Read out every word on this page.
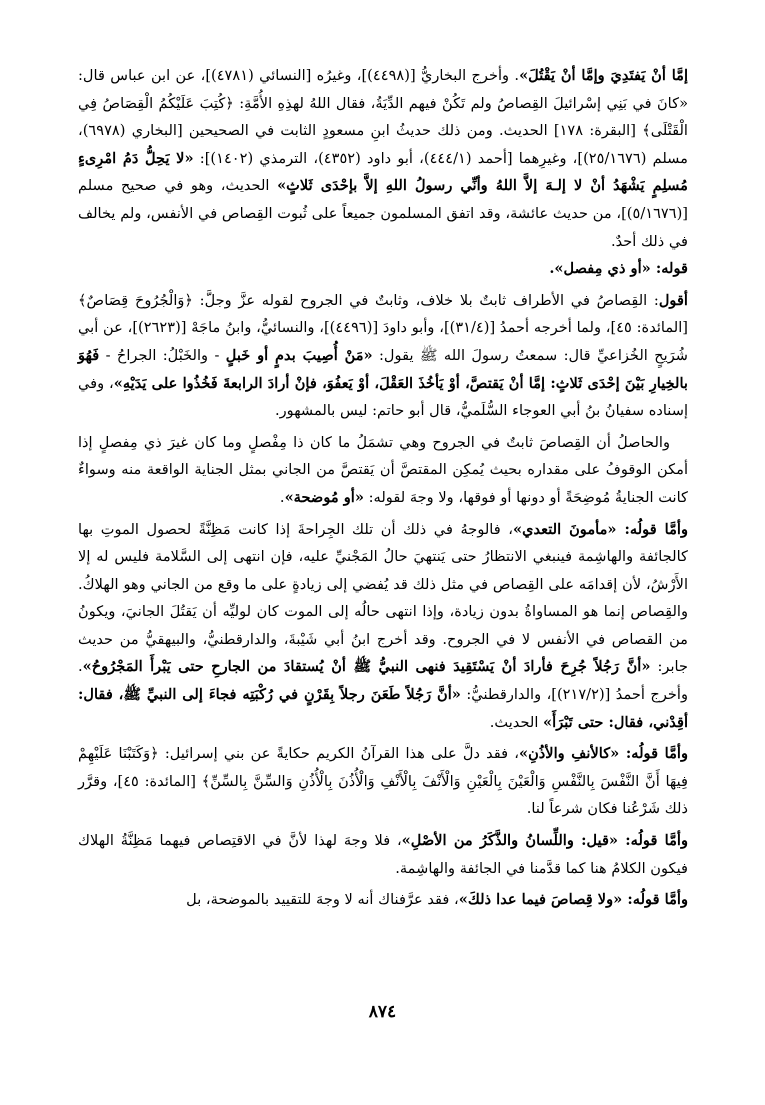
إمَّا أنْ يَفتَدِيَ وإمَّا أنْ يَقْتُلَ». وأخرج البخاريُّ [(٤٤٩٨)]، وغيرُه [النسائي (٤٧٨١)]، عن ابن عباس قال: «كانَ في بَنِي إسْرائيلَ القِصاصُ ولم تَكُنْ فيهم الدِّيَةُ، فقال اللهُ لهذِهِ الأُمَّةِ: ﴿كُتِبَ عَلَيْكُمُ الْقِصَاصُ فِي الْقَتْلَى﴾ [البقرة: ١٧٨] الحديث. ومن ذلك حديثُ ابنِ مسعودٍ الثابت في الصحيحين [البخاري (٦٩٧٨)، مسلم (٢٥/١٦٧٦)]، وغيرِهما [أحمد (٤٤٤/١)، أبو داود (٤٣٥٢)، الترمذي (١٤٠٢)]: «لا يَحِلُّ دَمُ امْرِىءٍ مُسلِمٍ يَشْهَدُ أنْ لا إلـهَ إلاَّ اللهُ وأنِّي رسولُ اللهِ إلاَّ بإحْدَى ثَلاثٍ» الحديث، وهو في صحيح مسلم [(٥/١٦٧٦)]، من حديث عائشة، وقد اتفق المسلمون جميعاً على ثُبوت القِصاص في الأنفس، ولم يخالف في ذلك أحدٌ.

قوله: «أو ذي مِفصل».

أقول: القِصاصُ في الأطراف ثابتٌ بلا خلاف، وثابتٌ في الجروح لقوله عزَّ وجلَّ: ﴿وَالْجُرُوحَ قِصَاصٌ﴾ [المائدة: ٤٥]، ولما أخرجه أحمدُ [(٣١/٤)]، وأبو داودَ [(٤٤٩٦)]، والنسائيُّ، وابنُ ماجَهْ [(٢٦٢٣)]، عن أبي شُرَيحٍ الخُزاعيِّ قال: سمعتُ رسولَ الله ﷺ يقول: «مَنْ أُصِيبَ بدمٍ أو خَبلٍ - والخَبْلُ: الجراحُ - فَهُوَ بالخِيارِ بَيْنَ إحْدَى ثَلاثٍ: إمَّا أنْ يَقتصَّ، أوْ يَأخُذَ العَقْلَ، أوْ يَعفُوَ، فإنْ أرادَ الرابعةَ فَخُذُوا على يَدَيْهِ»، وفي إسناده سفيانُ بنُ أبي العوجاء السُّلَميُّ، قال أبو حاتم: ليس بالمشهور.

والحاصلُ أن القِصاصَ ثابتٌ في الجروح وهي تشمَلُ ما كان ذا مِفْصلٍ وما كان غيرَ ذي مِفصلٍ إذا أمكن الوقوفُ على مقداره بحيث يُمكِن المقتصَّ أن يَقتصَّ من الجاني بمثل الجناية الواقعة منه وسواءٌ كانت الجنايةُ مُوضِحَةً أو دونها أو فوقها، ولا وجهَ لقوله: «أو مُوضحة».

وأمَّا قولُه: «مأمونَ التعدي»، فالوجهُ في ذلك أن تلك الجِراحةَ إذا كانت مَظِنَّةً لحصول الموتِ بها كالجائفة والهاشِمة فينبغي الانتظارُ حتى يَنتهيَ حالُ المَجْنيِّ عليه، فإن انتهى إلى السَّلامة فليس له إلا الأَرْشُ، لأن إقدامَه على القِصاص في مثل ذلك قد يُفضي إلى زيادةٍ على ما وقع من الجاني وهو الهلاكُ. والقِصاص إنما هو المساواةُ بدون زيادة، وإذا انتهى حالُه إلى الموت كان لوليِّه أن يَقتُلَ الجانيَ، ويكونُ من القصاص في الأنفس لا في الجروح. وقد أخرج ابنُ أبي شَيْبةَ، والدارقطنيُّ، والبيهقيُّ من حديث جابر: «أنَّ رَجُلاً جُرِحَ فأرادَ أنْ يَسْتَقِيدَ فنهى النبيُّ ﷺ أنْ يُستقادَ من الجارحِ حتى يَبْرأَ المَجْرُوحُ». وأخرج أحمدُ [(٢١٧/٢)]، والدارقطنيُّ: «أنَّ رَجُلاً طَعَنَ رجلاً بِقَرْنٍ في رُكْبَتِه فجاءَ إلى النبيِّ ﷺ، فقال: أقِدْني، فقال: حتى تَبْرَأَ» الحديث.

وأمَّا قولُه: «كالأنفِ والأذُنِ»، فقد دلَّ على هذا القرآنُ الكريم حكايةً عن بني إسرائيل: ﴿وَكَتَبْنَا عَلَيْهِمْ فِيهَا أَنَّ النَّفْسَ بِالنَّفْسِ وَالْعَيْنَ بِالْعَيْنِ وَالْأَنْفَ بِالْأَنْفِ وَالْأُذُنَ بِالْأُذُنِ وَالسِّنَّ بِالسِّنِّ﴾ [المائدة: ٤٥]، وقرَّر ذلك شَرْعُنا فكان شرعاً لنا.

وأمَّا قولُه: «قيل: واللِّسانُ والذَّكَرُ من الأصْلِ»، فلا وجهَ لهذا لأنَّ في الاقتِصاص فيهما مَظِنَّةُ الهلاك فيكون الكلامُ هنا كما قدَّمنا في الجائفة والهاشِمة.

وأمَّا قولُه: «ولا قِصاصَ فيما عدا ذلكَ»، فقد عرَّفناك أنه لا وجهَ للتقييد بالموضحة، بل

٨٧٤
